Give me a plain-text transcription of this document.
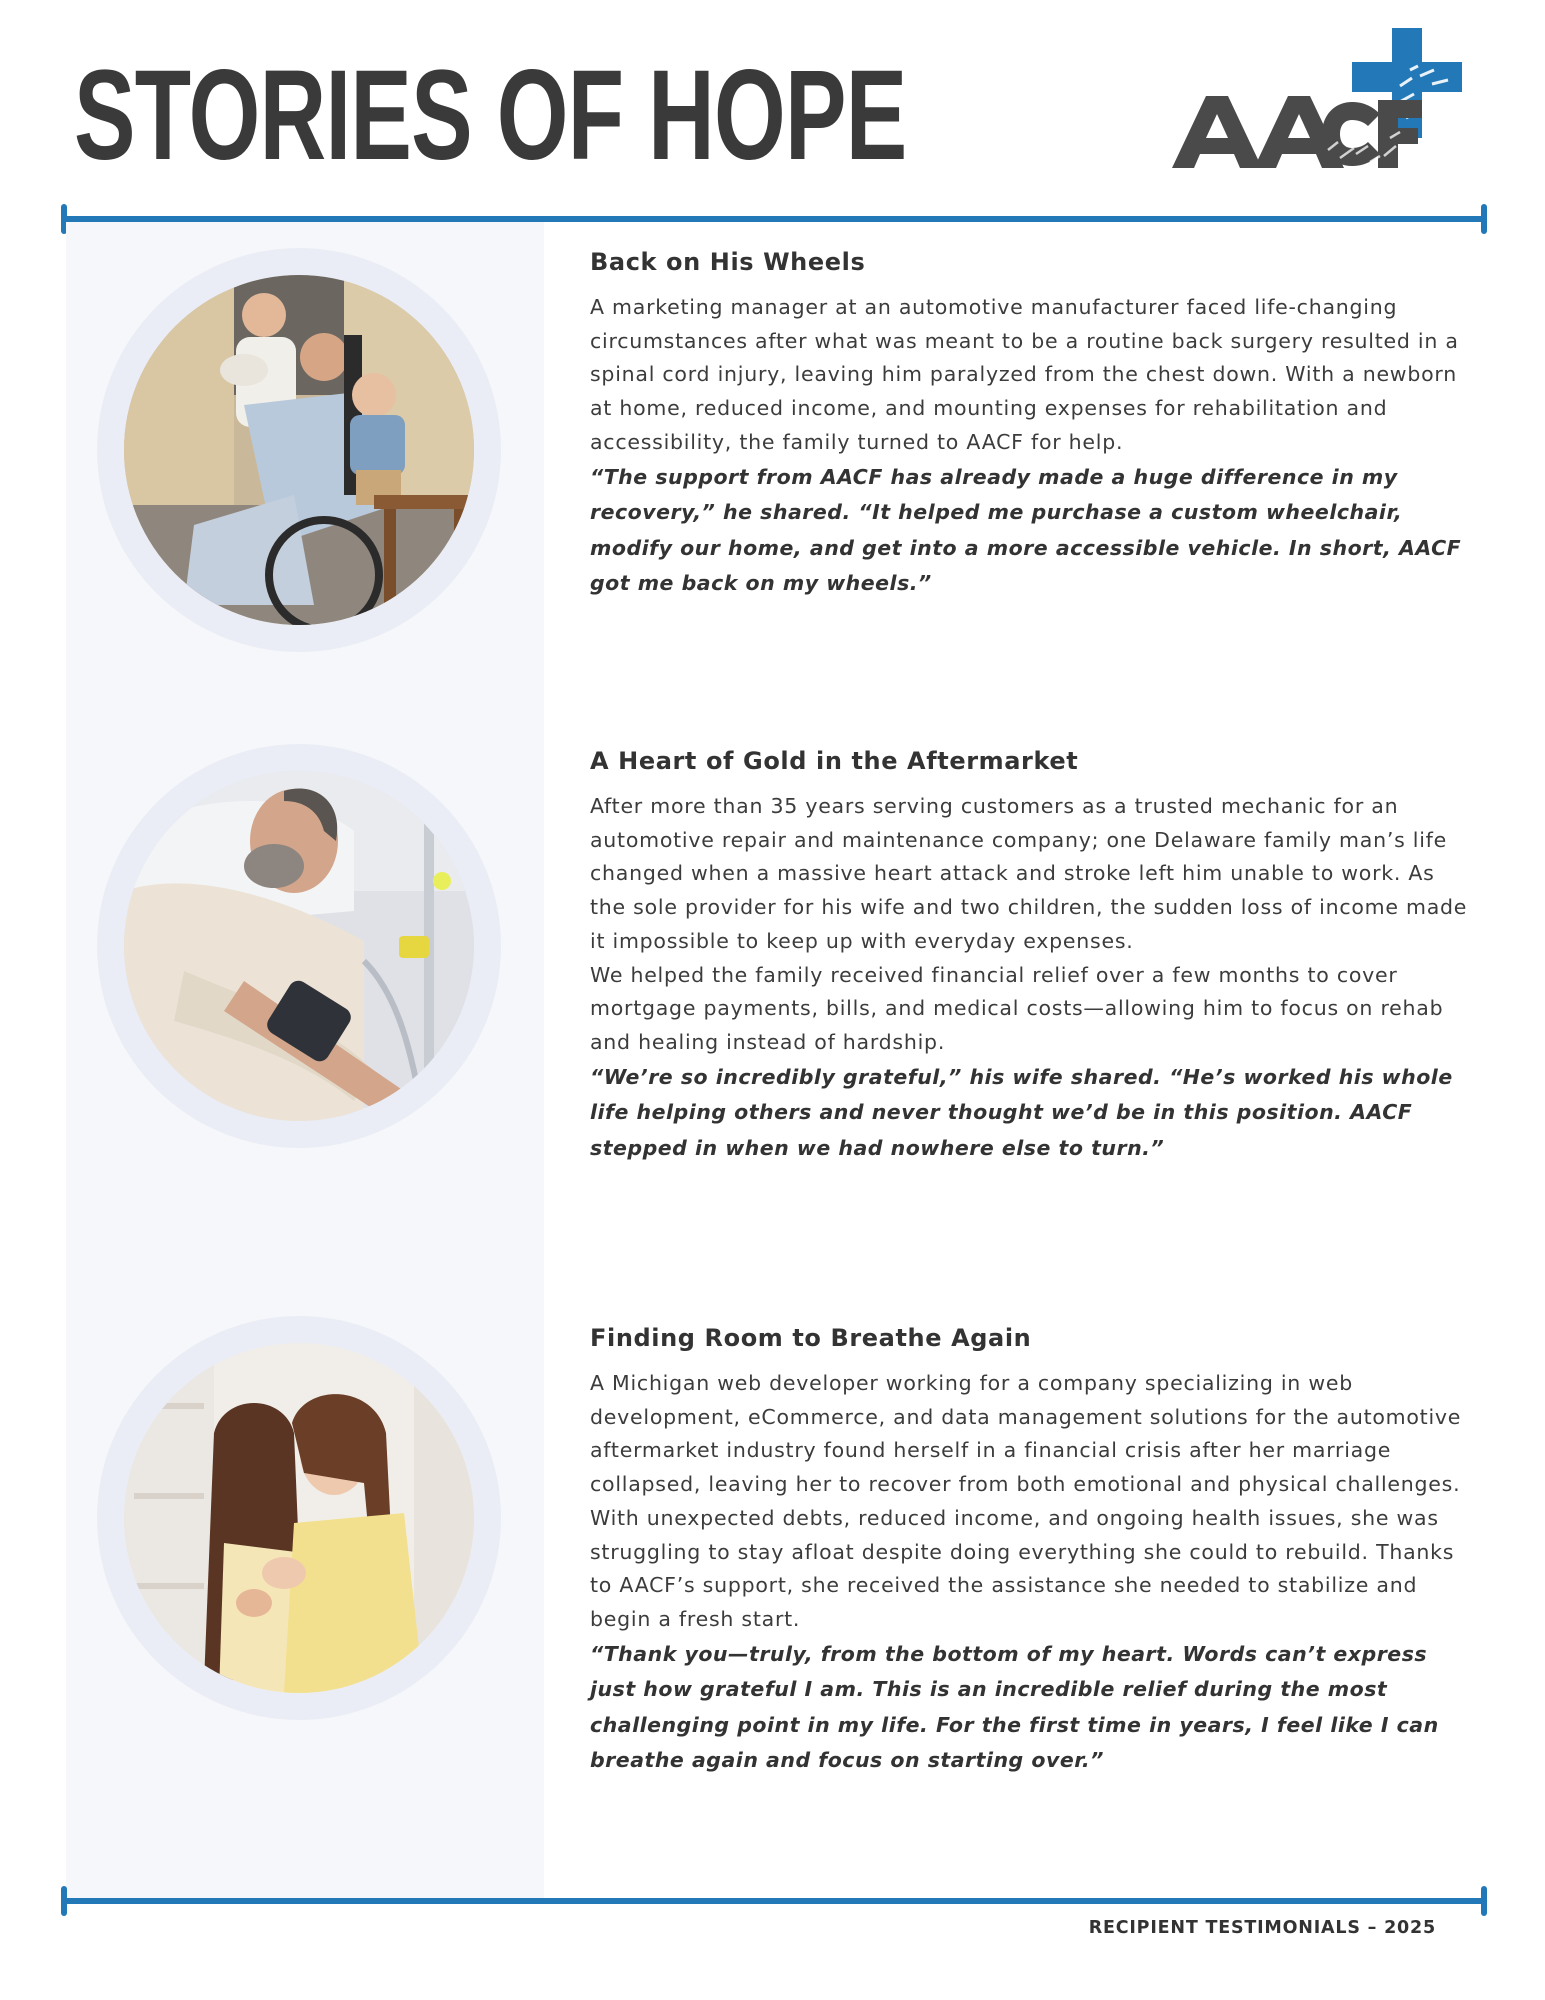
STORIES OF HOPE
Back on His Wheels

A marketing manager at an automotive manufacturer faced life-changing circumstances after what was meant to be a routine back surgery resulted in a spinal cord injury, leaving him paralyzed from the chest down. With a newborn at home, reduced income, and mounting expenses for rehabilitation and accessibility, the family turned to AACF for help.

“The support from AACF has already made a huge difference in my recovery,” he shared. “It helped me purchase a custom wheelchair, modify our home, and get into a more accessible vehicle. In short, AACF got me back on my wheels.”

A Heart of Gold in the Aftermarket

After more than 35 years serving customers as a trusted mechanic for an automotive repair and maintenance company; one Delaware family man’s life changed when a massive heart attack and stroke left him unable to work. As the sole provider for his wife and two children, the sudden loss of income made it impossible to keep up with everyday expenses.

We helped the family received financial relief over a few months to cover mortgage payments, bills, and medical costs—allowing him to focus on rehab and healing instead of hardship.

“We’re so incredibly grateful,” his wife shared. “He’s worked his whole life helping others and never thought we’d be in this position. AACF stepped in when we had nowhere else to turn.”

Finding Room to Breathe Again

A Michigan web developer working for a company specializing in web development, eCommerce, and data management solutions for the automotive aftermarket industry found herself in a financial crisis after her marriage collapsed, leaving her to recover from both emotional and physical challenges. With unexpected debts, reduced income, and ongoing health issues, she was struggling to stay afloat despite doing everything she could to rebuild. Thanks to AACF’s support, she received the assistance she needed to stabilize and begin a fresh start.

“Thank you—truly, from the bottom of my heart. Words can’t express just how grateful I am. This is an incredible relief during the most challenging point in my life. For the first time in years, I feel like I can breathe again and focus on starting over.”

RECIPIENT TESTIMONIALS – 2025
